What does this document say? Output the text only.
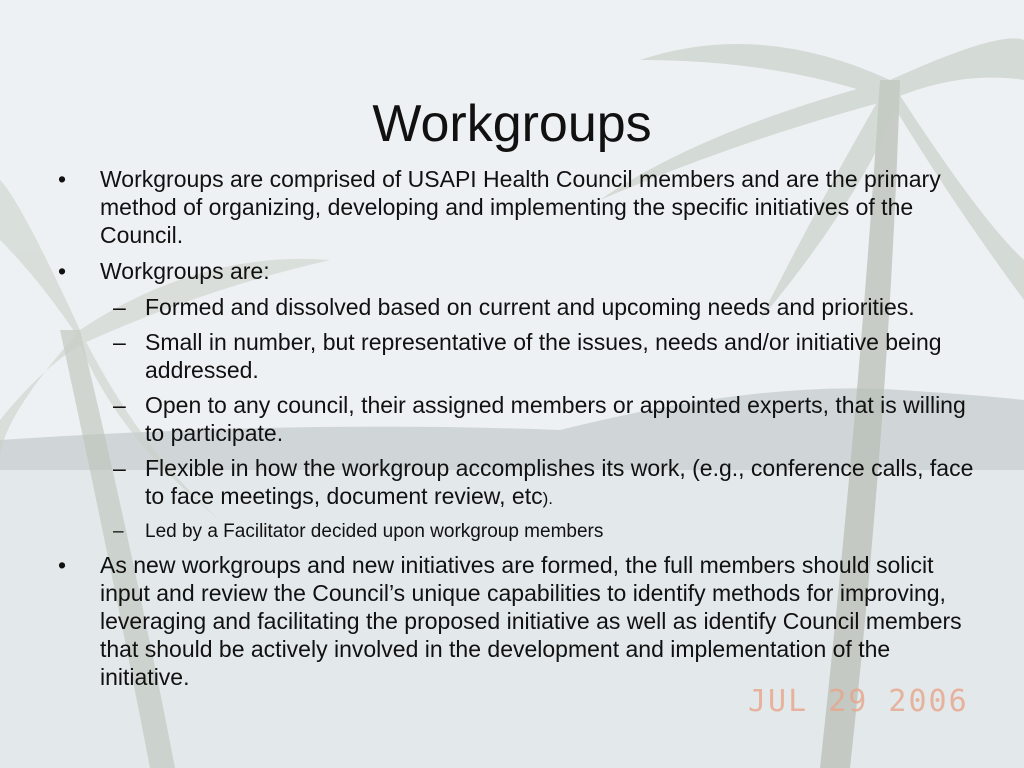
Workgroups
•	Workgroups are comprised of USAPI Health Council members and are the primary method of organizing, developing and implementing the specific initiatives of the Council.
•	Workgroups are:
– Formed and dissolved based on current and upcoming needs and priorities.
– Small in number, but representative of the issues, needs and/or initiative being addressed.
– Open to any council, their assigned members or appointed experts, that is willing to participate.
– Flexible in how the workgroup accomplishes its work, (e.g., conference calls, face to face meetings, document review, etc).
–	Led by a Facilitator decided upon workgroup members
•	As new workgroups and new initiatives are formed, the full members should solicit input and review the Council’s unique capabilities to identify methods for improving, leveraging and facilitating the proposed initiative as well as identify Council members that should be actively involved in the development and implementation of the initiative.
JUL 29 2006
